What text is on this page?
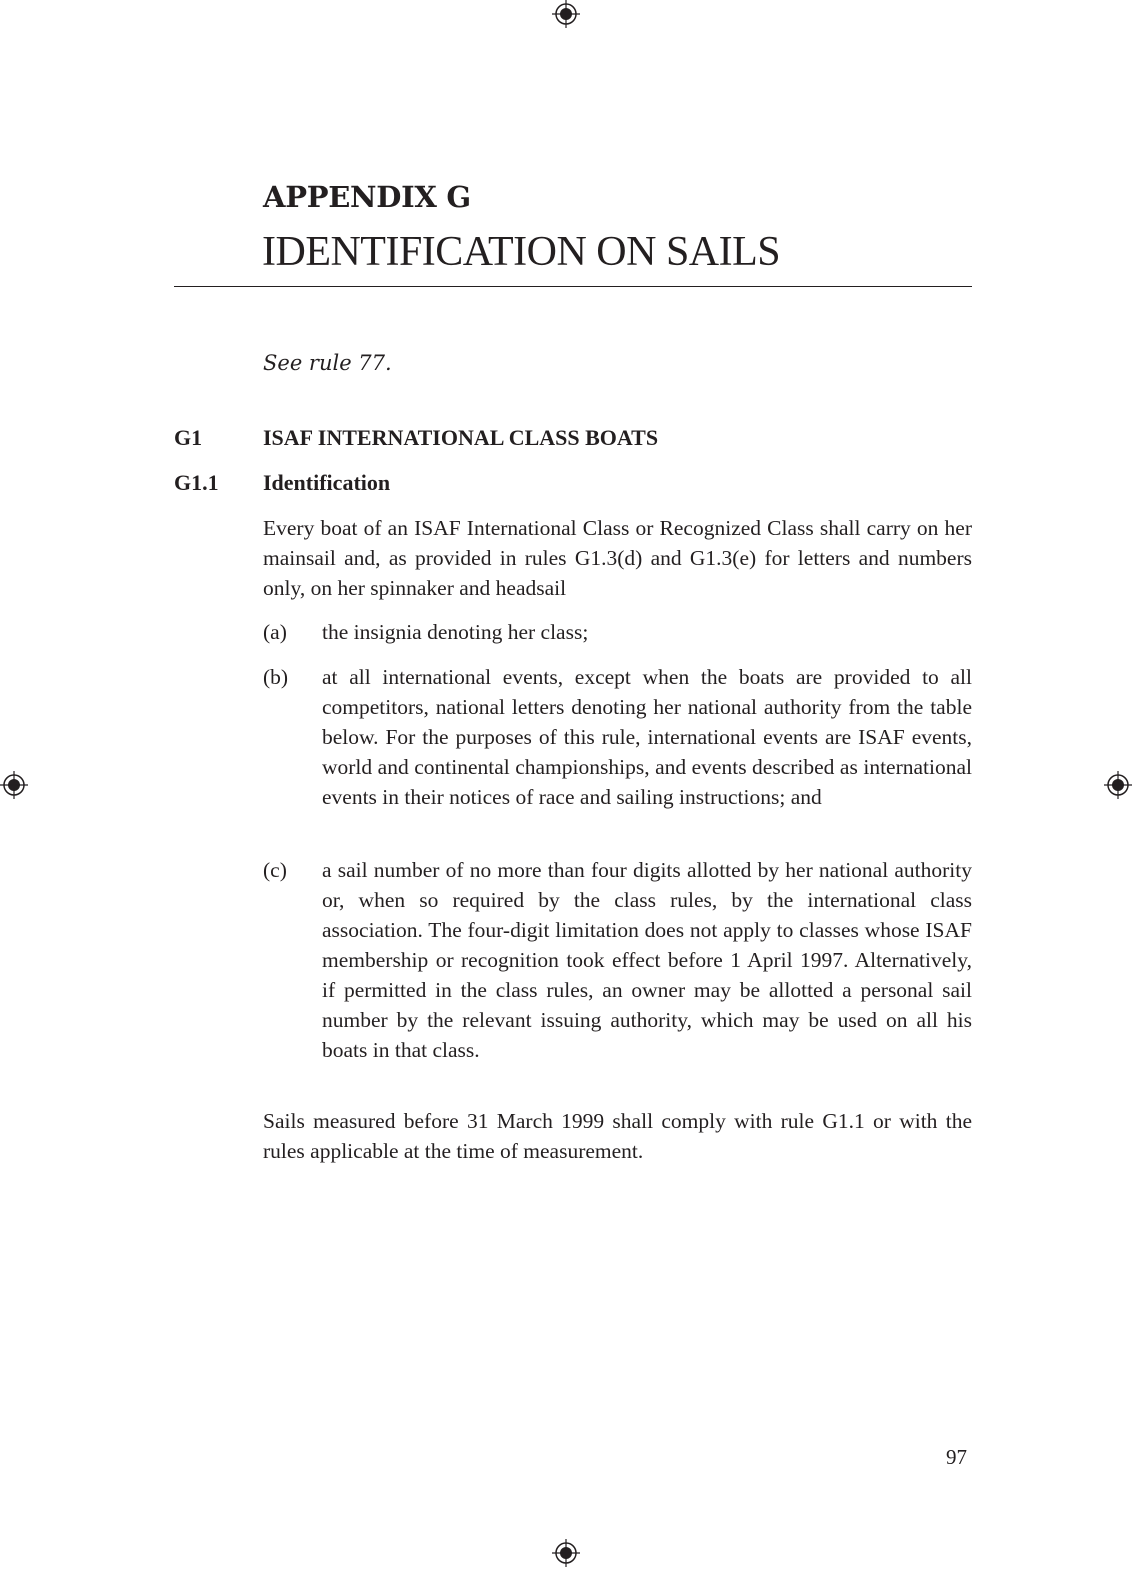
APPENDIX G
IDENTIFICATION ON SAILS
See rule 77.
G1	ISAF INTERNATIONAL CLASS BOATS
G1.1 Identification
Every boat of an ISAF International Class or Recognized Class shall carry on her mainsail and, as provided in rules G1.3(d) and G1.3(e) for letters and numbers only, on her spinnaker and headsail
(a) the insignia denoting her class;
(b) at all international events, except when the boats are provided to all competitors, national letters denoting her national authority from the table below. For the purposes of this rule, international events are ISAF events, world and continental championships, and events described as international events in their notices of race and sailing instructions; and
(c) a sail number of no more than four digits allotted by her national authority or, when so required by the class rules, by the international class association. The four-digit limitation does not apply to classes whose ISAF membership or recognition took effect before 1 April 1997. Alternatively, if permitted in the class rules, an owner may be allotted a personal sail number by the relevant issuing authority, which may be used on all his boats in that class.
Sails measured before 31 March 1999 shall comply with rule G1.1 or with the rules applicable at the time of measurement.
97
